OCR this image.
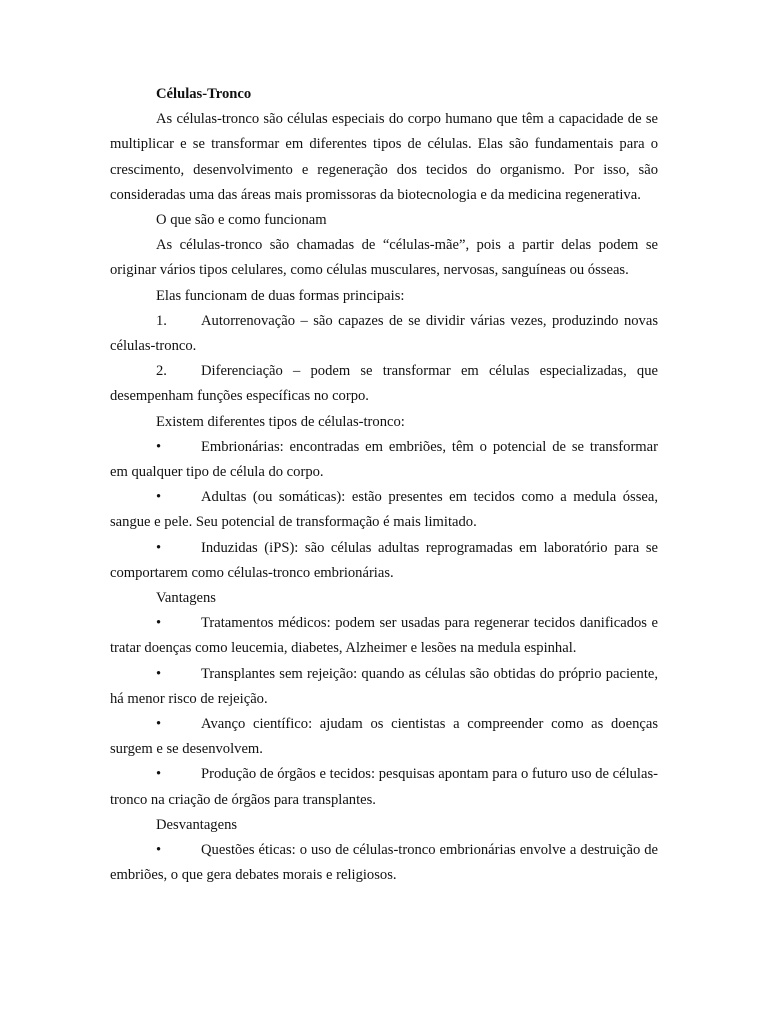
Células-Tronco

As células-tronco são células especiais do corpo humano que têm a capacidade de se multiplicar e se transformar em diferentes tipos de células. Elas são fundamentais para o crescimento, desenvolvimento e regeneração dos tecidos do organismo. Por isso, são consideradas uma das áreas mais promissoras da biotecnologia e da medicina regenerativa.

O que são e como funcionam

As células-tronco são chamadas de “células-mãe”, pois a partir delas podem se originar vários tipos celulares, como células musculares, nervosas, sanguíneas ou ósseas.

Elas funcionam de duas formas principais:

1. Autorrenovação – são capazes de se dividir várias vezes, produzindo novas células-tronco.

2. Diferenciação – podem se transformar em células especializadas, que desempenham funções específicas no corpo.

Existem diferentes tipos de células-tronco:

•	Embrionárias: encontradas em embriões, têm o potencial de se transformar em qualquer tipo de célula do corpo.

•	Adultas (ou somáticas): estão presentes em tecidos como a medula óssea, sangue e pele. Seu potencial de transformação é mais limitado.

•	Induzidas (iPS): são células adultas reprogramadas em laboratório para se comportarem como células-tronco embrionárias.

Vantagens

•	Tratamentos médicos: podem ser usadas para regenerar tecidos danificados e tratar doenças como leucemia, diabetes, Alzheimer e lesões na medula espinhal.

•	Transplantes sem rejeição: quando as células são obtidas do próprio paciente, há menor risco de rejeição.

•	Avanço científico: ajudam os cientistas a compreender como as doenças surgem e se desenvolvem.

•	Produção de órgãos e tecidos: pesquisas apontam para o futuro uso de células-tronco na criação de órgãos para transplantes.

Desvantagens

•	Questões éticas: o uso de células-tronco embrionárias envolve a destruição de embriões, o que gera debates morais e religiosos.
